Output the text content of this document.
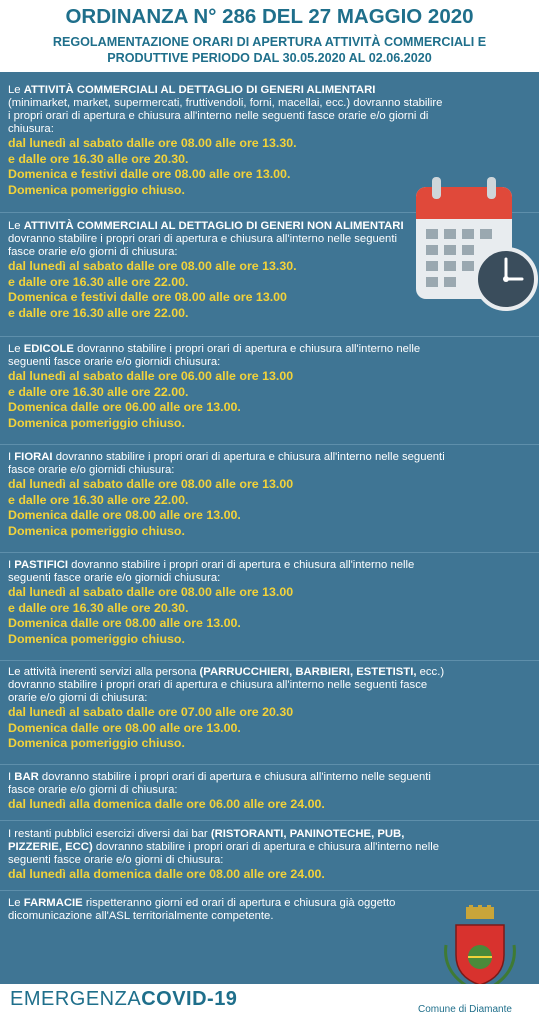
ORDINANZA N° 286 DEL 27 MAGGIO 2020
REGOLAMENTAZIONE ORARI DI APERTURA ATTIVITÀ COMMERCIALI E
PRODUTTIVE PERIODO DAL 30.05.2020 AL 02.06.2020
Le ATTIVITÀ COMMERCIALI AL DETTAGLIO DI GENERI ALIMENTARI
(minimarket, market, supermercati, fruttivendoli, forni, macellai, ecc.) dovranno stabilire i propri orari di apertura e chiusura all'interno nelle seguenti fasce orarie e/o giorni di chiusura:
dal lunedì al sabato dalle ore 08.00 alle ore 13.30.
e dalle ore 16.30 alle ore 20.30.
Domenica e festivi dalle ore 08.00 alle ore 13.00.
Domenica pomeriggio chiuso.
Le ATTIVITÀ COMMERCIALI AL DETTAGLIO DI GENERI NON ALIMENTARI dovranno stabilire i propri orari di apertura e chiusura all'interno nelle seguenti fasce orarie e/o giorni di chiusura:
dal lunedì al sabato dalle ore 08.00 alle ore 13.30.
e dalle ore 16.30 alle ore 22.00.
Domenica e festivi dalle ore 08.00 alle ore 13.00
e dalle ore 16.30 alle ore 22.00.
Le EDICOLE dovranno stabilire i propri orari di apertura e chiusura all'interno nelle seguenti fasce orarie e/o giornidi chiusura:
dal lunedì al sabato dalle ore 06.00 alle ore 13.00
e dalle ore 16.30 alle ore 22.00.
Domenica dalle ore 06.00 alle ore 13.00.
Domenica pomeriggio chiuso.
I FIORAI dovranno stabilire i propri orari di apertura e chiusura all'interno nelle seguenti fasce orarie e/o giornidi chiusura:
dal lunedì al sabato dalle ore 08.00 alle ore 13.00
e dalle ore 16.30 alle ore 22.00.
Domenica dalle ore 08.00 alle ore 13.00.
Domenica pomeriggio chiuso.
I PASTIFICI dovranno stabilire i propri orari di apertura e chiusura all'interno nelle seguenti fasce orarie e/o giornidi chiusura:
dal lunedì al sabato dalle ore 08.00 alle ore 13.00
e dalle ore 16.30 alle ore 20.30.
Domenica dalle ore 08.00 alle ore 13.00.
Domenica pomeriggio chiuso.
Le attività inerenti servizi alla persona (PARRUCCHIERI, BARBIERI, ESTETISTI, ecc.) dovranno stabilire i propri orari di apertura e chiusura all'interno nelle seguenti fasce orarie e/o giorni di chiusura:
dal lunedì al sabato dalle ore 07.00 alle ore 20.30
Domenica dalle ore 08.00 alle ore 13.00.
Domenica pomeriggio chiuso.
I BAR dovranno stabilire i propri orari di apertura e chiusura all'interno nelle seguenti fasce orarie e/o giorni di chiusura:
dal lunedì alla domenica dalle ore 06.00 alle ore 24.00.
I restanti pubblici esercizi diversi dai bar (RISTORANTI, PANINOTECHE, PUB, PIZZERIE, ECC) dovranno stabilire i propri orari di apertura e chiusura all'interno nelle seguenti fasce orarie e/o giorni di chiusura:
dal lunedì alla domenica dalle ore 08.00 alle ore 24.00.
Le FARMACIE rispetteranno giorni ed orari di apertura e chiusura già oggetto dicomunicazione all'ASL territorialmente competente.
EMERGENZACOVID-19	Comune di Diamante
